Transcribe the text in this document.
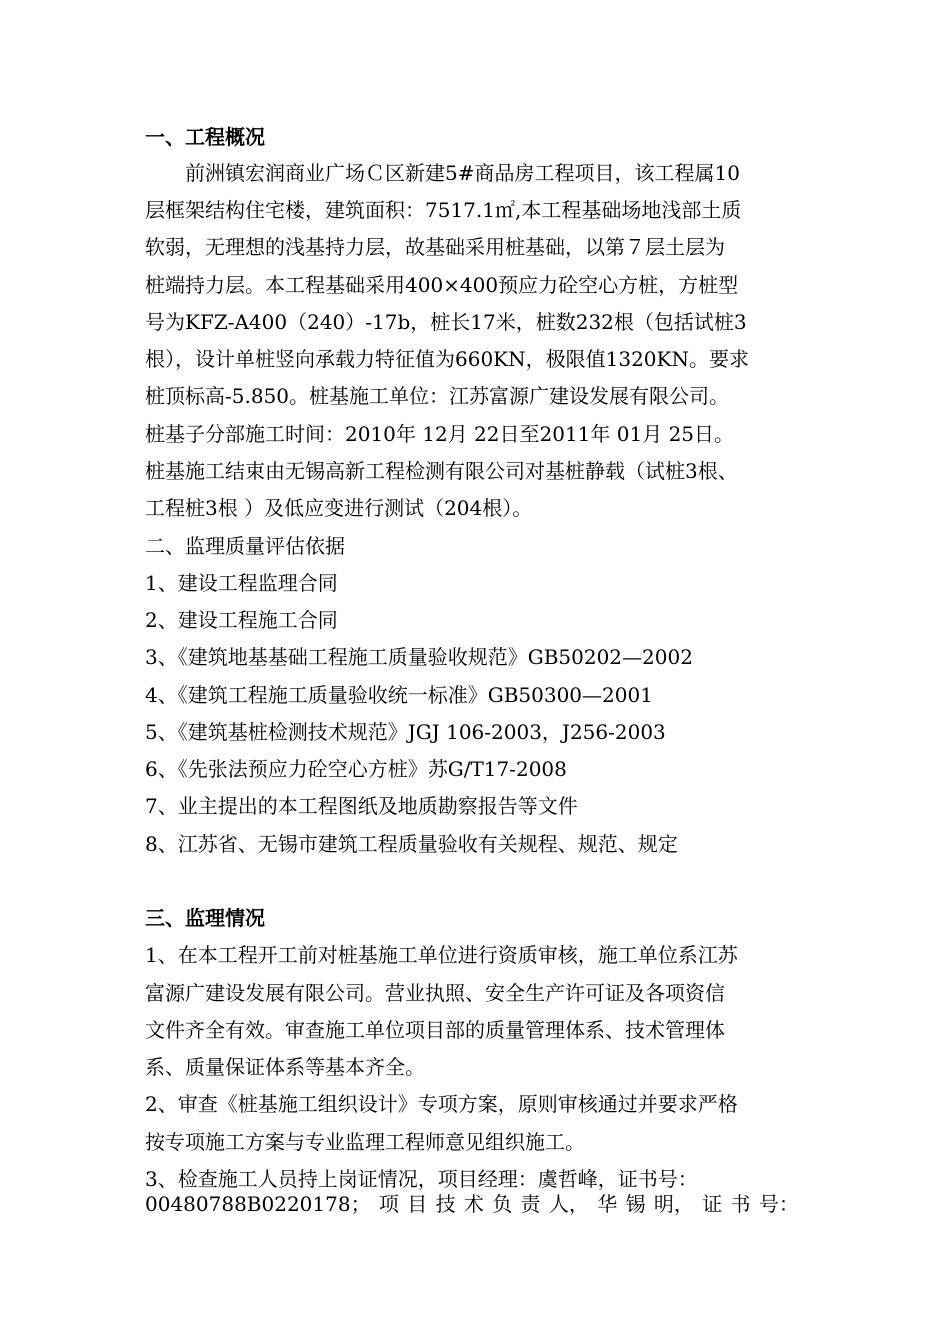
一、工程概况
前洲镇宏润商业广场Ｃ区新建5#商品房工程项目，该工程属10
层框架结构住宅楼，建筑面积：7517.1㎡,本工程基础场地浅部土质
软弱，无理想的浅基持力层，故基础采用桩基础，以第７层土层为
桩端持力层。本工程基础采用400×400预应力砼空心方桩，方桩型
号为KFZ-A400（240）-17b，桩长17米，桩数232根（包括试桩3
根），设计单桩竖向承载力特征值为660KN，极限值1320KN。要求
桩顶标高-5.850。桩基施工单位：江苏富源广建设发展有限公司。
桩基子分部施工时间：2010年 12月 22日至2011年 01月 25日。
桩基施工结束由无锡高新工程检测有限公司对基桩静载（试桩3根、
工程桩3根 ）及低应变进行测试（204根）。
二、监理质量评估依据
1、建设工程监理合同
2、建设工程施工合同
3、《建筑地基基础工程施工质量验收规范》GB50202—2002
4、《建筑工程施工质量验收统一标准》GB50300—2001
5、《建筑基桩检测技术规范》JGJ 106-2003，J256-2003
6、《先张法预应力砼空心方桩》苏G/T17-2008
7、业主提出的本工程图纸及地质勘察报告等文件
8、江苏省、无锡市建筑工程质量验收有关规程、规范、规定
三、监理情况
1、在本工程开工前对桩基施工单位进行资质审核，施工单位系江苏
富源广建设发展有限公司。营业执照、安全生产许可证及各项资信
文件齐全有效。审查施工单位项目部的质量管理体系、技术管理体
系、质量保证体系等基本齐全。
2、审查《桩基施工组织设计》专项方案，原则审核通过并要求严格
按专项施工方案与专业监理工程师意见组织施工。
3、检查施工人员持上岗证情况，项目经理：虞哲峰，证书号：
00480788B0220178； 项 目 技 术 负 责 人， 华 锡 明， 证 书 号：
